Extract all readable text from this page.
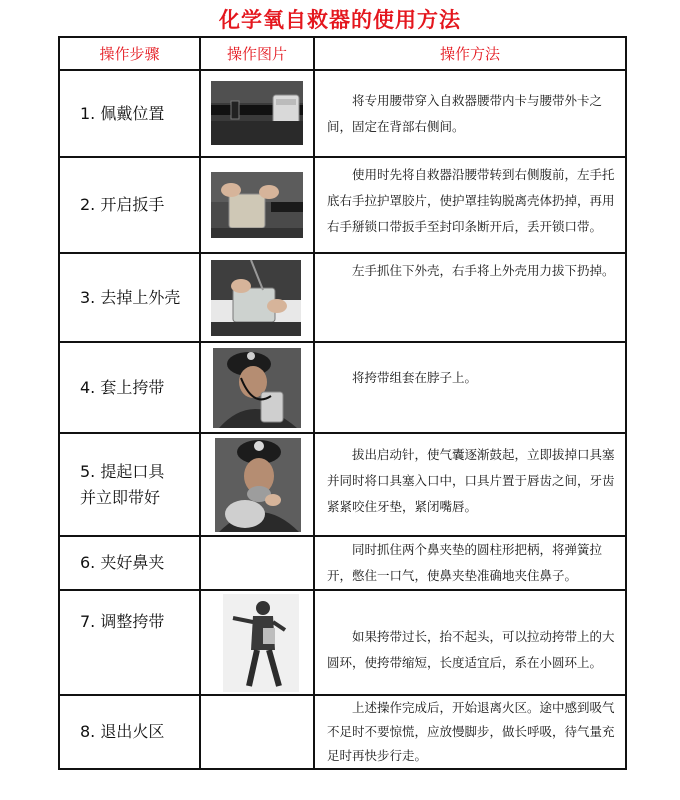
化学氧自救器的使用方法
操作步骤	操作图片	操作方法
1. 佩戴位置		将专用腰带穿入自救器腰带内卡与腰带外卡之间，固定在背部右侧间。
2. 开启扳手		使用时先将自救器沿腰带转到右侧腹前，左手托底右手拉护罩胶片，使护罩挂钩脱离壳体扔掉，再用右手掰锁口带扳手至封印条断开后，丢开锁口带。
3. 去掉上外壳		左手抓住下外壳，右手将上外壳用力拔下扔掉。
4. 套上挎带		将挎带组套在脖子上。

5. 提起口具
并立即带好		拔出启动针，使气囊逐渐鼓起，立即拔掉口具塞并同时将口具塞入口中，口具片置于唇齿之间，牙齿紧紧咬住牙垫，紧闭嘴唇。
6. 夹好鼻夹		同时抓住两个鼻夹垫的圆柱形把柄，将弹簧拉开，憋住一口气，使鼻夹垫准确地夹住鼻子。
7. 调整挎带		如果挎带过长，抬不起头，可以拉动挎带上的大圆环，使挎带缩短，长度适宜后，系在小圆环上。
8. 退出火区		上述操作完成后，开始退离火区。途中感到吸气不足时不要惊慌，应放慢脚步，做长呼吸，待气量充足时再快步行走。
